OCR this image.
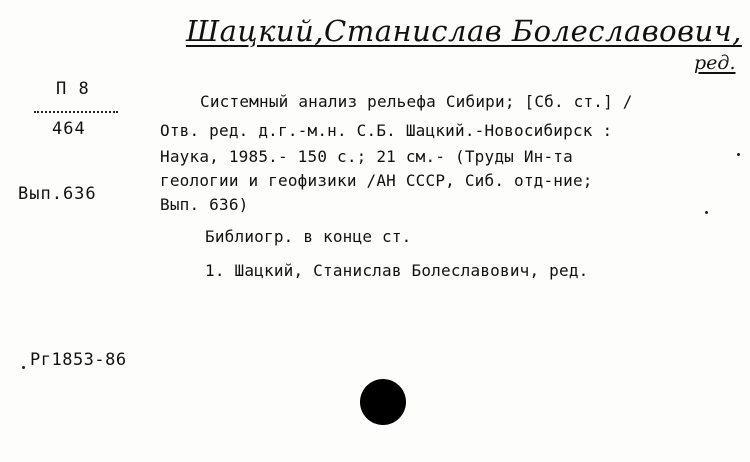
Шацкий,Станислав Болеславович,
ред.
П 8
464
Вып.636
Системный анализ рельефа Сибири; [Сб. ст.] /
Отв. ред. д.г.-м.н. С.Б. Шацкий.-Новосибирск :
Наука, 1985.- 150 с.; 21 см.- (Труды Ин-та
геологии и геофизики /АН СССР, Сиб. отд-ние;
Вып. 636)
Библиогр. в конце ст.
1. Шацкий, Станислав Болеславович, ред.
Рг1853-86
